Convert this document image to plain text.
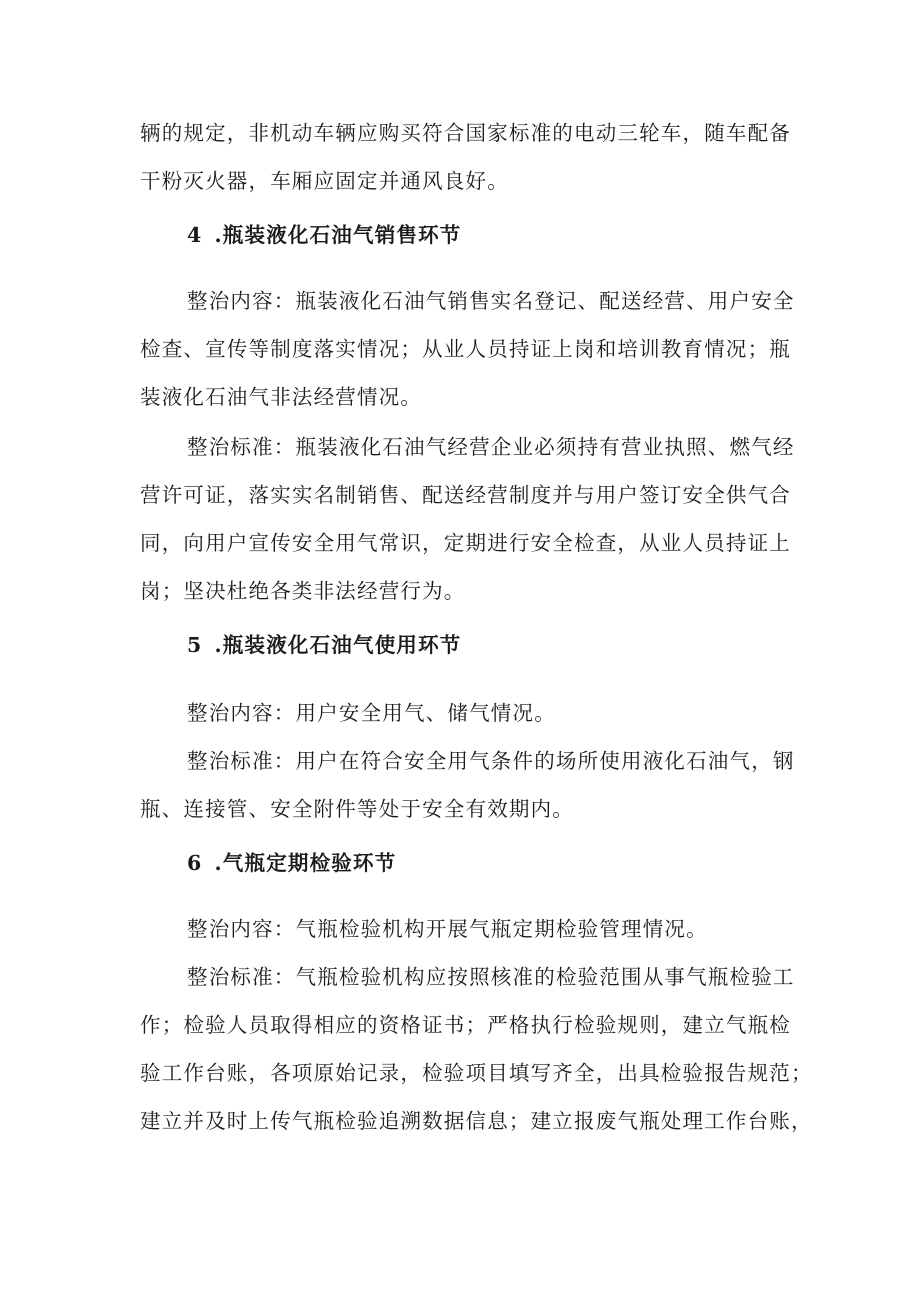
辆的规定，非机动车辆应购买符合国家标准的电动三轮车，随车配备
干粉灭火器，车厢应固定并通风良好。
4 .瓶装液化石油气销售环节
整治内容：瓶装液化石油气销售实名登记、配送经营、用户安全
检查、宣传等制度落实情况；从业人员持证上岗和培训教育情况；瓶
装液化石油气非法经营情况。
整治标准：瓶装液化石油气经营企业必须持有营业执照、燃气经
营许可证，落实实名制销售、配送经营制度并与用户签订安全供气合
同，向用户宣传安全用气常识，定期进行安全检查，从业人员持证上
岗；坚决杜绝各类非法经营行为。
5 .瓶装液化石油气使用环节
整治内容：用户安全用气、储气情况。
整治标准：用户在符合安全用气条件的场所使用液化石油气，钢
瓶、连接管、安全附件等处于安全有效期内。
6 .气瓶定期检验环节
整治内容：气瓶检验机构开展气瓶定期检验管理情况。
整治标准：气瓶检验机构应按照核准的检验范围从事气瓶检验工
作；检验人员取得相应的资格证书；严格执行检验规则，建立气瓶检
验工作台账，各项原始记录，检验项目填写齐全，出具检验报告规范；
建立并及时上传气瓶检验追溯数据信息；建立报废气瓶处理工作台账，
